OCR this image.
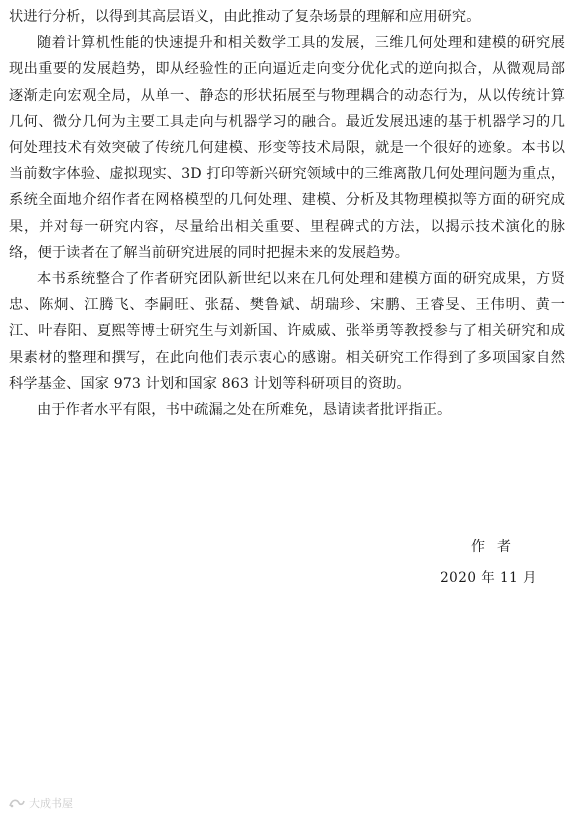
状进行分析，以得到其高层语义，由此推动了复杂场景的理解和应用研究。

随着计算机性能的快速提升和相关数学工具的发展，三维几何处理和建模的研究展现出重要的发展趋势，即从经验性的正向逼近走向变分优化式的逆向拟合，从微观局部逐渐走向宏观全局，从单一、静态的形状拓展至与物理耦合的动态行为，从以传统计算几何、微分几何为主要工具走向与机器学习的融合。最近发展迅速的基于机器学习的几何处理技术有效突破了传统几何建模、形变等技术局限，就是一个很好的迹象。本书以当前数字体验、虚拟现实、3D 打印等新兴研究领域中的三维离散几何处理问题为重点，系统全面地介绍作者在网格模型的几何处理、建模、分析及其物理模拟等方面的研究成果，并对每一研究内容，尽量给出相关重要、里程碑式的方法，以揭示技术演化的脉络，便于读者在了解当前研究进展的同时把握未来的发展趋势。

本书系统整合了作者研究团队新世纪以来在几何处理和建模方面的研究成果，方贤忠、陈炯、江腾飞、李嗣旺、张磊、樊鲁斌、胡瑞珍、宋鹏、王睿旻、王伟明、黄一江、叶春阳、夏熙等博士研究生与刘新国、许威威、张举勇等教授参与了相关研究和成果素材的整理和撰写，在此向他们表示衷心的感谢。相关研究工作得到了多项国家自然科学基金、国家 973 计划和国家 863 计划等科研项目的资助。

由于作者水平有限，书中疏漏之处在所难免，恳请读者批评指正。

作者
2020 年 11 月
大成书屋
